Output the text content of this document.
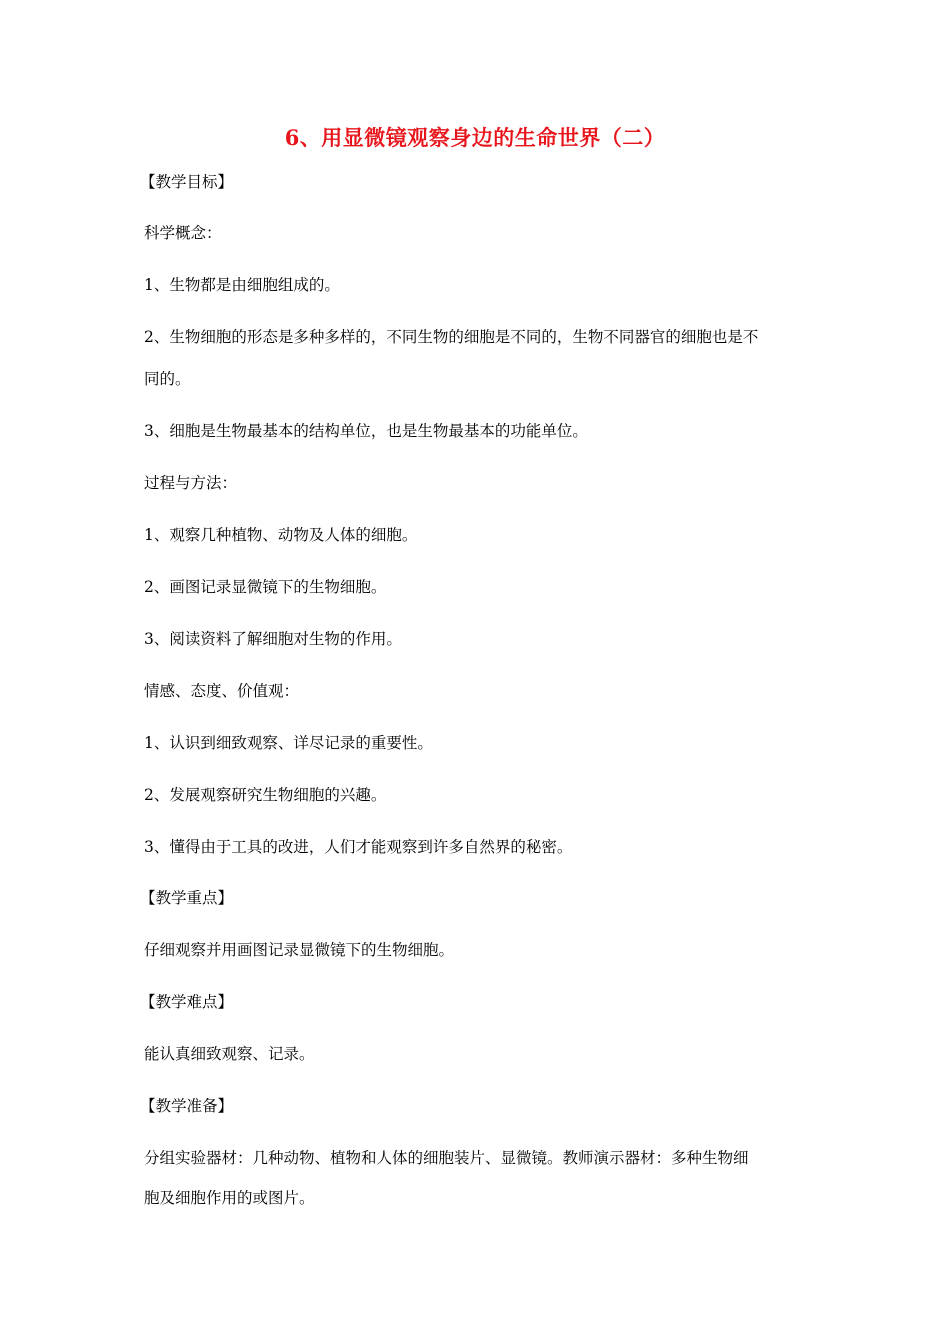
6、用显微镜观察身边的生命世界（二）
【教学目标】
科学概念：
1、生物都是由细胞组成的。
2、生物细胞的形态是多种多样的，不同生物的细胞是不同的，生物不同器官的细胞也是不
同的。
3、细胞是生物最基本的结构单位，也是生物最基本的功能单位。
过程与方法：
1、观察几种植物、动物及人体的细胞。
2、画图记录显微镜下的生物细胞。
3、阅读资料了解细胞对生物的作用。
情感、态度、价值观：
1、认识到细致观察、详尽记录的重要性。
2、发展观察研究生物细胞的兴趣。
3、懂得由于工具的改进，人们才能观察到许多自然界的秘密。
【教学重点】
仔细观察并用画图记录显微镜下的生物细胞。
【教学难点】
能认真细致观察、记录。
【教学准备】
分组实验器材：几种动物、植物和人体的细胞装片、显微镜。教师演示器材：多种生物细
胞及细胞作用的或图片。
